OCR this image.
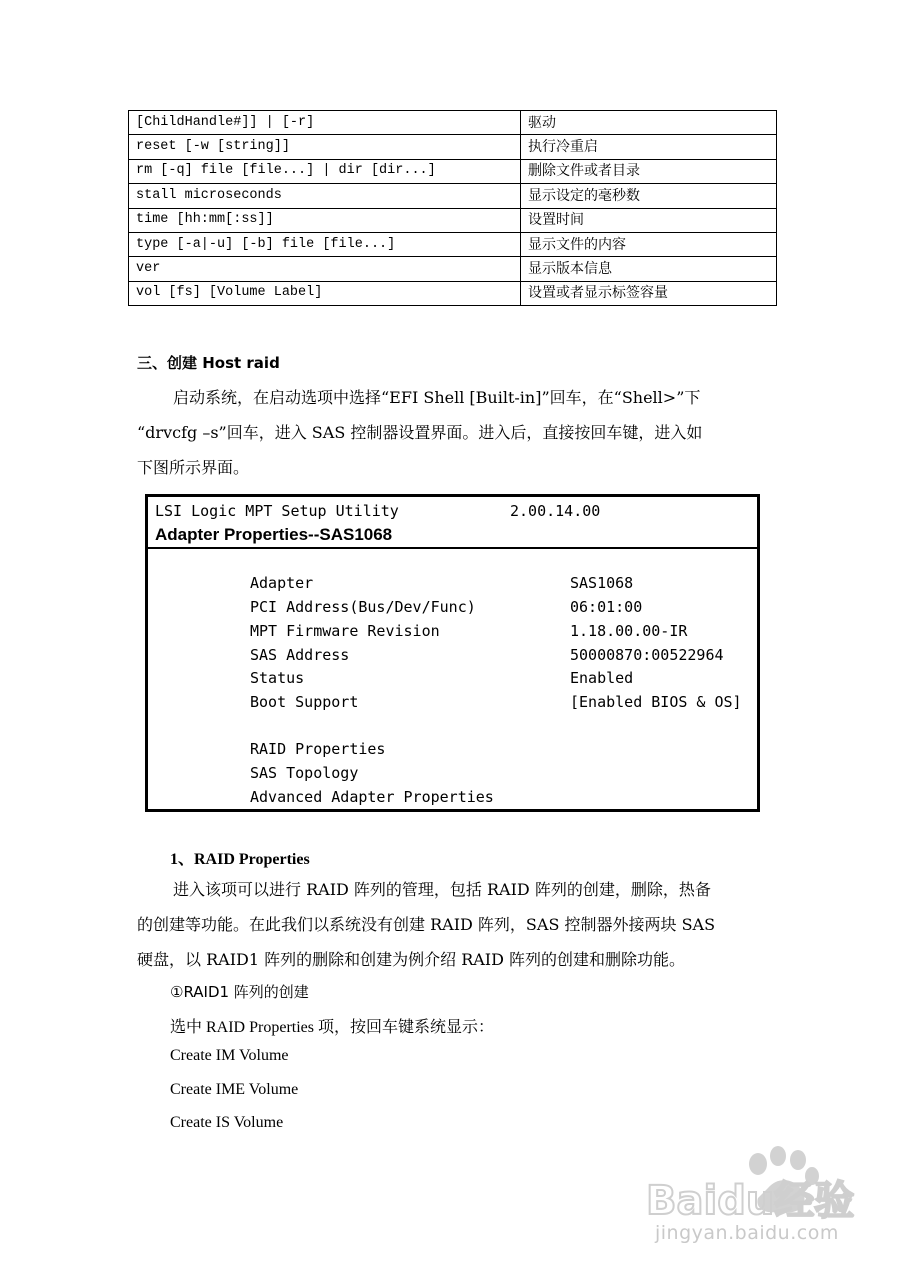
[ChildHandle#]] | [-r]	驱动
reset [-w [string]]	执行冷重启
rm [-q] file [file...] | dir [dir...]	删除文件或者目录
stall microseconds	显示设定的毫秒数
time [hh:mm[:ss]]	设置时间
type [-a|-u] [-b] file [file...]	显示文件的内容
ver	显示版本信息
vol [fs] [Volume Label]	设置或者显示标签容量
三、创建 Host raid

启动系统，在启动选项中选择“EFI Shell [Built-in]”回车，在“Shell>”下

“drvcfg –s”回车，进入 SAS 控制器设置界面。进入后，直接按回车键，进入如

下图所示界面。

LSI Logic MPT Setup Utility	2.00.14.00
Adapter Properties--SAS1068
Adapter	SAS1068
PCI Address(Bus/Dev/Func)	06:01:00
MPT Firmware Revision	1.18.00.00-IR
SAS Address	50000870:00522964
Status	Enabled
Boot Support	[Enabled BIOS & OS]
RAID Properties
SAS Topology
Advanced Adapter Properties
1、RAID Properties

进入该项可以进行 RAID 阵列的管理，包括 RAID 阵列的创建，删除，热备

的创建等功能。在此我们以系统没有创建 RAID 阵列，SAS 控制器外接两块 SAS

硬盘，以 RAID1 阵列的删除和创建为例介绍 RAID 阵列的创建和删除功能。

①RAID1 阵列的创建
选中 RAID Properties 项，按回车键系统显示：
Create IM Volume
Create IME Volume
Create IS Volume
Baidu经验
jingyan.baidu.com
